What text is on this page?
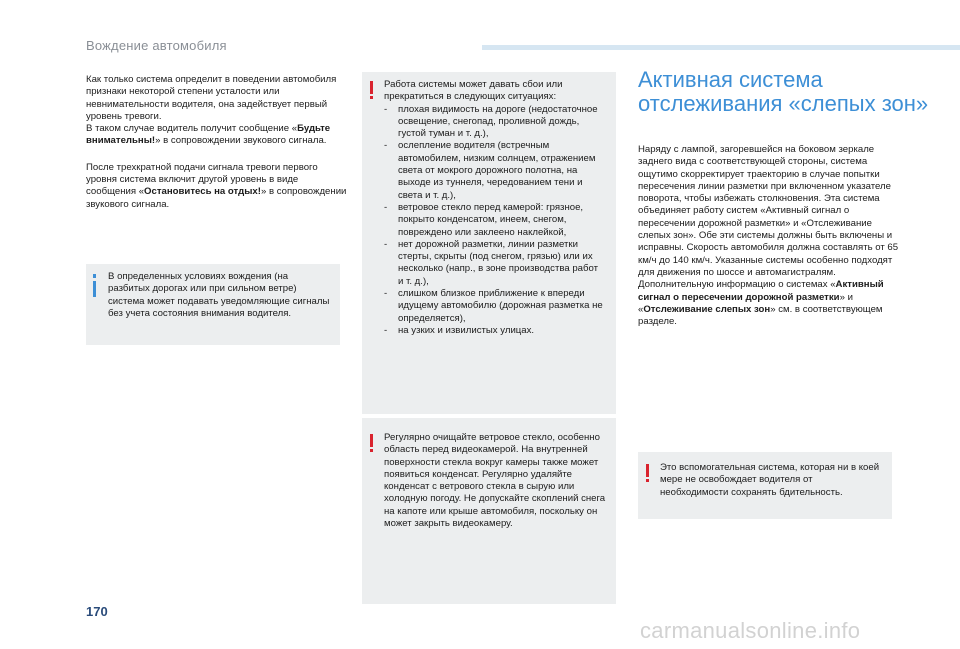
Вождение автомобиля

Как только система определит в поведении автомобиля признаки некоторой степени усталости или невнимательности водителя, она задействует первый уровень тревоги.
В таком случае водитель получит сообщение «Будьте внимательны!» в сопровождении звукового сигнала.

После трехкратной подачи сигнала тревоги первого уровня система включит другой уровень в виде сообщения «Остановитесь на отдых!» в сопровождении звукового сигнала.

В определенных условиях вождения (на разбитых дорогах или при сильном ветре) система может подавать уведомляющие сигналы без учета состояния внимания водителя.
Работа системы может давать сбои или прекратиться в следующих ситуациях:
- плохая видимость на дороге (недостаточное освещение, снегопад, проливной дождь, густой туман и т. д.),
- ослепление водителя (встречным автомобилем, низким солнцем, отражением света от мокрого дорожного полотна, на выходе из туннеля, чередованием тени и света и т. д.),
- ветровое стекло перед камерой: грязное, покрыто конденсатом, инеем, снегом, повреждено или заклеено наклейкой,
- нет дорожной разметки, линии разметки стерты, скрыты (под снегом, грязью) или их несколько (напр., в зоне производства работ и т. д.),
- слишком близкое приближение к впереди идущему автомобилю (дорожная разметка не определяется),
- на узких и извилистых улицах.
Регулярно очищайте ветровое стекло, особенно область перед видеокамерой. На внутренней поверхности стекла вокруг камеры также может появиться конденсат. Регулярно удаляйте конденсат с ветрового стекла в сырую или холодную погоду. Не допускайте скоплений снега на капоте или крыше автомобиля, поскольку он может закрыть видеокамеру.
Активная система отслеживания «слепых зон»
Наряду с лампой, загоревшейся на боковом зеркале заднего вида с соответствующей стороны, система ощутимо скорректирует траекторию в случае попытки пересечения линии разметки при включенном указателе поворота, чтобы избежать столкновения. Эта система объединяет работу систем «Активный сигнал о пересечении дорожной разметки» и «Отслеживание слепых зон». Обе эти системы должны быть включены и исправны. Скорость автомобиля должна составлять от 65 км/ч до 140 км/ч. Указанные системы особенно подходят для движения по шоссе и автомагистралям. Дополнительную информацию о системах «Активный сигнал о пересечении дорожной разметки» и «Отслеживание слепых зон» см. в соответствующем разделе.
Это вспомогательная система, которая ни в коей мере не освобождает водителя от необходимости сохранять бдительность.
170
carmanualsonline.info
